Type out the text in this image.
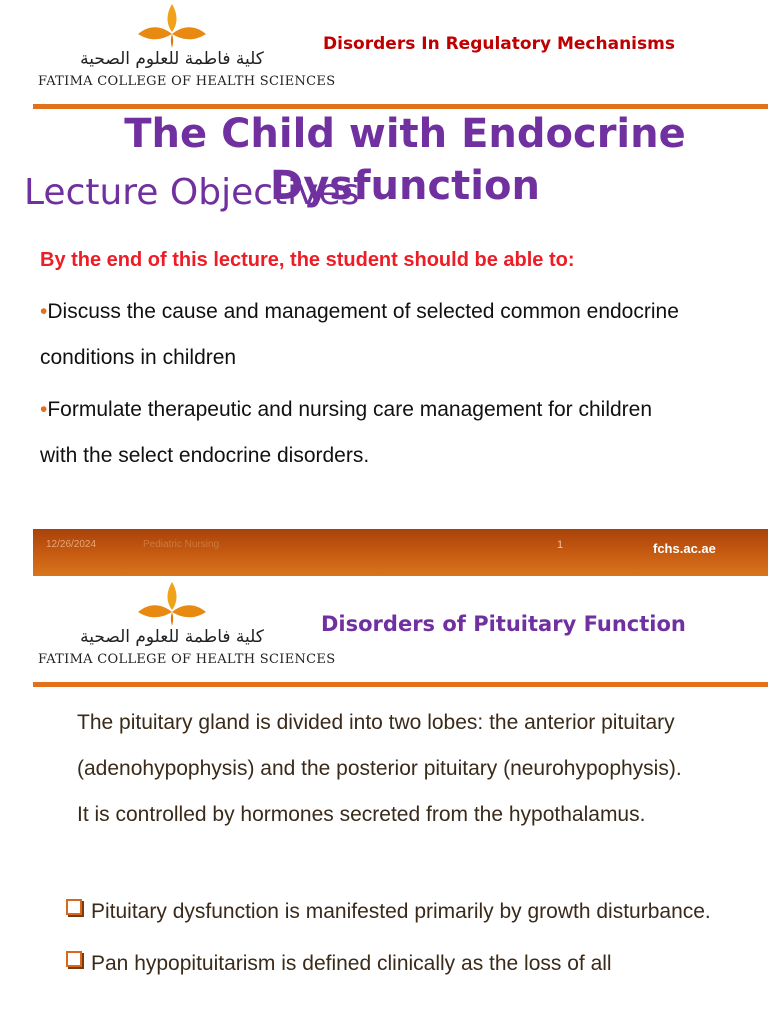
كلية فاطمة للعلوم الصحية
FATIMA COLLEGE OF HEALTH SCIENCES
Disorders In Regulatory Mechanisms
The Child with Endocrine Dysfunction
Lecture Objectives
By the end of this lecture, the student should be able to:
•Discuss the cause and management of selected common endocrine conditions in children
•Formulate therapeutic and nursing care management for children with the select endocrine disorders.
12/26/2024	Pediatric Nursing	1	fchs.ac.ae
كلية فاطمة للعلوم الصحية
FATIMA COLLEGE OF HEALTH SCIENCES
Disorders of Pituitary Function

The pituitary gland is divided into two lobes: the anterior pituitary (adenohypophysis) and the posterior pituitary (neurohypophysis).

It is controlled by hormones secreted from the hypothalamus.

Pituitary dysfunction is manifested primarily by growth disturbance.
Pan hypopituitarism is defined clinically as the loss of all
